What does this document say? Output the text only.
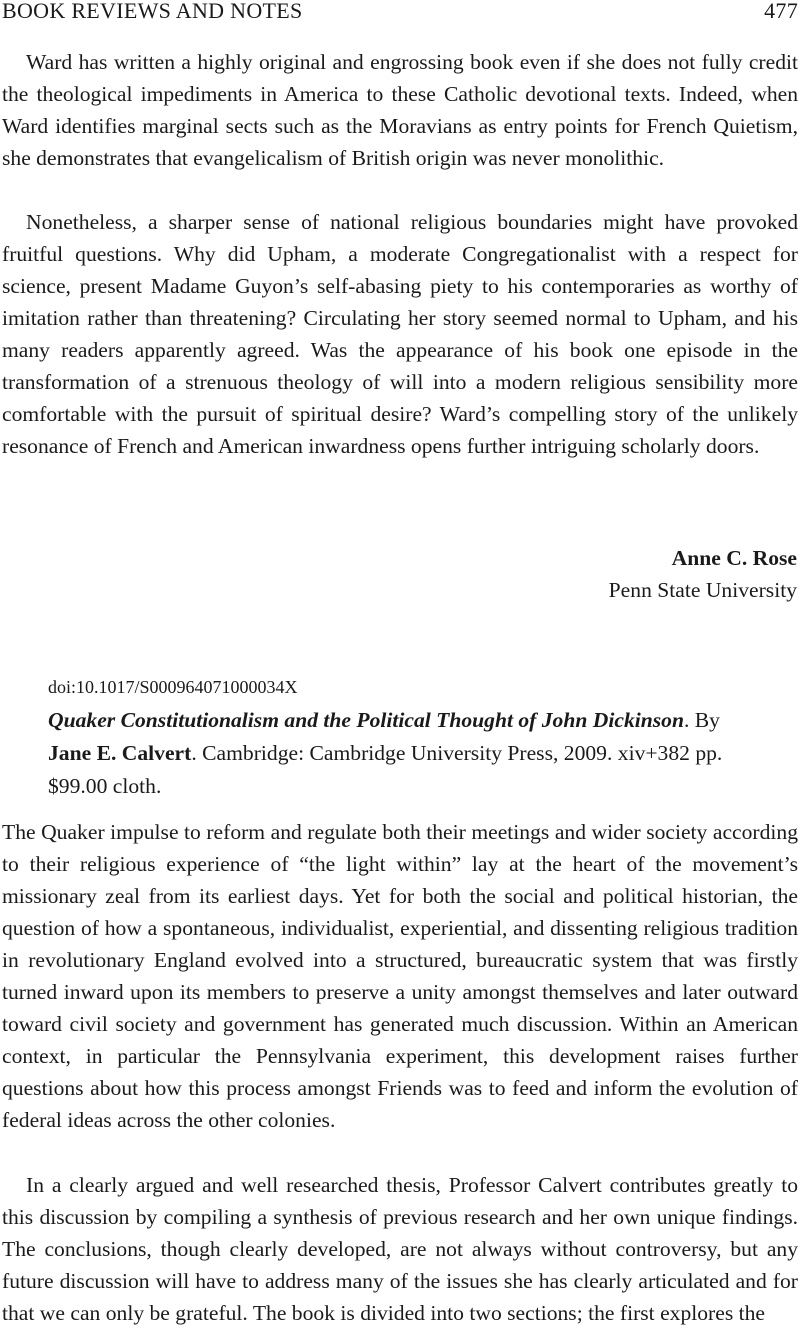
BOOK REVIEWS AND NOTES	477

Ward has written a highly original and engrossing book even if she does not fully credit the theological impediments in America to these Catholic devotional texts. Indeed, when Ward identifies marginal sects such as the Moravians as entry points for French Quietism, she demonstrates that evangelicalism of British origin was never monolithic.

Nonetheless, a sharper sense of national religious boundaries might have provoked fruitful questions. Why did Upham, a moderate Congregationalist with a respect for science, present Madame Guyon’s self-abasing piety to his contemporaries as worthy of imitation rather than threatening? Circulating her story seemed normal to Upham, and his many readers apparently agreed. Was the appearance of his book one episode in the transformation of a strenuous theology of will into a modern religious sensibility more comfortable with the pursuit of spiritual desire? Ward’s compelling story of the unlikely resonance of French and American inwardness opens further intriguing scholarly doors.

Anne C. Rose
Penn State University
doi:10.1017/S000964071000034X
Quaker Constitutionalism and the Political Thought of John Dickinson. By Jane E. Calvert. Cambridge: Cambridge University Press, 2009. xiv+382 pp. $99.00 cloth.

The Quaker impulse to reform and regulate both their meetings and wider society according to their religious experience of “the light within” lay at the heart of the movement’s missionary zeal from its earliest days. Yet for both the social and political historian, the question of how a spontaneous, individualist, experiential, and dissenting religious tradition in revolutionary England evolved into a structured, bureaucratic system that was firstly turned inward upon its members to preserve a unity amongst themselves and later outward toward civil society and government has generated much discussion. Within an American context, in particular the Pennsylvania experiment, this development raises further questions about how this process amongst Friends was to feed and inform the evolution of federal ideas across the other colonies.

In a clearly argued and well researched thesis, Professor Calvert contributes greatly to this discussion by compiling a synthesis of previous research and her own unique findings. The conclusions, though clearly developed, are not always without controversy, but any future discussion will have to address many of the issues she has clearly articulated and for that we can only be grateful. The book is divided into two sections; the first explores the
